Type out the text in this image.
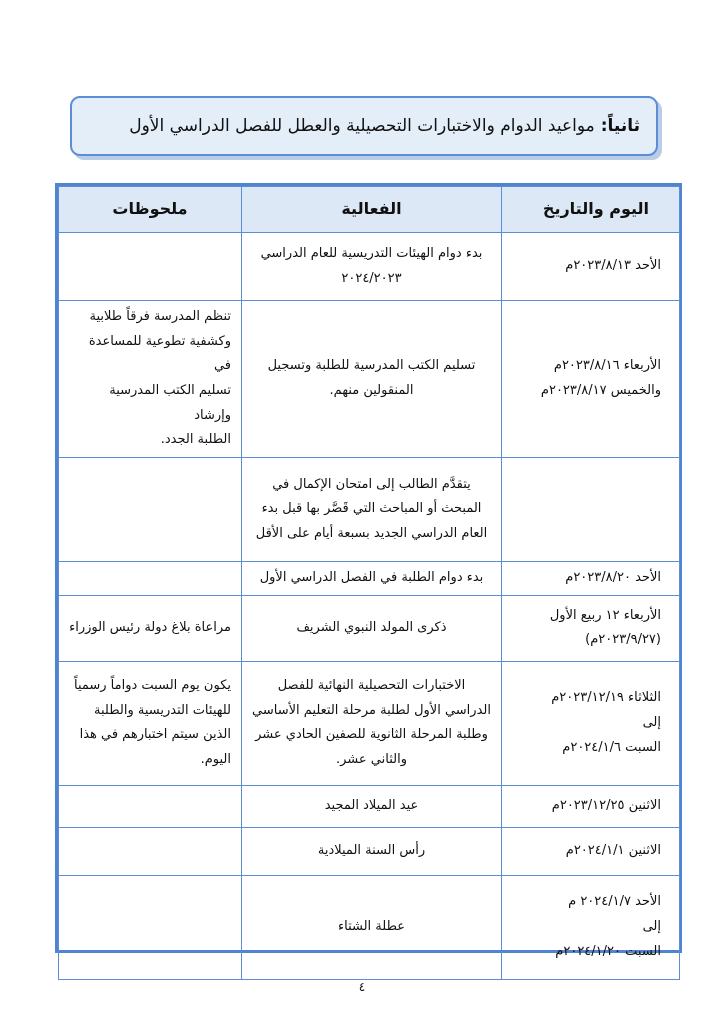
ثانياً:
مواعيد الدوام والاختبارات التحصيلية والعطل للفصل الدراسي الأول
اليوم والتاريخ	الفعالية	ملحوظات

الأحد ٢٠٢٣/٨/١٣م	بدء دوام الهيئات التدريسية للعام الدراسي
٢٠٢٤/٢٠٢٣	

الأربعاء ٢٠٢٣/٨/١٦م
والخميس ٢٠٢٣/٨/١٧م	تسليم الكتب المدرسية للطلبة وتسجيل
المنقولين منهم.	تنظم المدرسة فرقاً طلابية
وكشفية تطوعية للمساعدة في
تسليم الكتب المدرسية وإرشاد
الطلبة الجدد.

	يتقدَّم الطالب إلى امتحان الإكمال في
المبحث أو المباحث التي قَصَّر بها قبل بدء
العام الدراسي الجديد بسبعة أيام على الأقل	

الأحد ٢٠٢٣/٨/٢٠م	بدء دوام الطلبة في الفصل الدراسي الأول	

الأربعاء ١٢ ربيع الأول
(٢٠٢٣/٩/٢٧م)	ذكرى المولد النبوي الشريف	مراعاة بلاغ دولة رئيس الوزراء

الثلاثاء ٢٠٢٣/١٢/١٩م
إلى
السبت ٢٠٢٤/١/٦م	الاختبارات التحصيلية النهائية للفصل
الدراسي الأول لطلبة مرحلة التعليم الأساسي
وطلبة المرحلة الثانوية للصفين الحادي عشر
والثاني عشر.	يكون يوم السبت دواماً رسمياً
للهيئات التدريسية والطلبة
الذين سيتم اختبارهم في هذا
اليوم.

الاثنين ٢٠٢٣/١٢/٢٥م	عيد الميلاد المجيد	

الاثنين ٢٠٢٤/١/١م	رأس السنة الميلادية	

الأحد ٢٠٢٤/١/٧ م
إلى
السبت ٢٠٢٤/١/٢٠م	عطلة الشتاء	

٤
